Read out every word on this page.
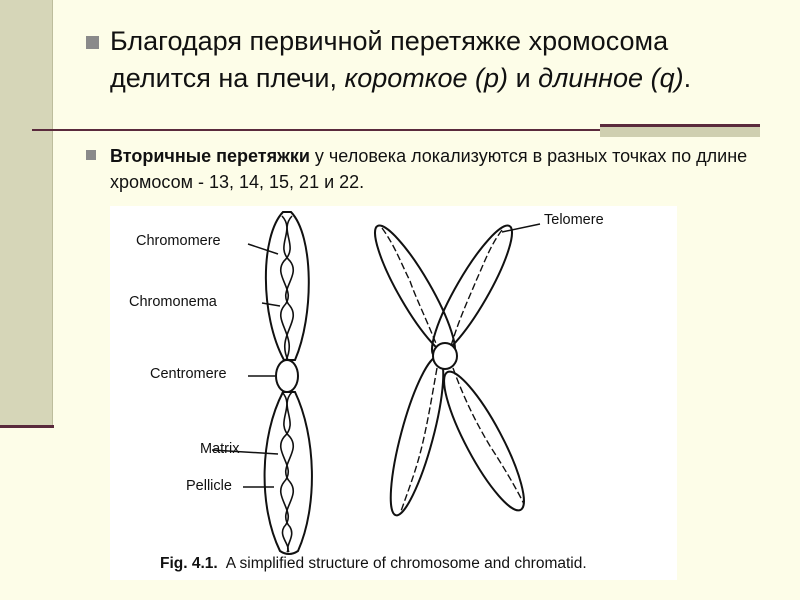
Благодаря первичной перетяжке хромосома делится на плечи, короткое (p) и длинное (q).

Вторичные перетяжки у человека локализуются в разных точках по длине хромосом - 13, 14, 15, 21 и 22.
Chromomere
Chromonema
Centromere
Matrix
Pellicle
Telomere
Fig. 4.1. A simplified structure of chromosome and chromatid.
